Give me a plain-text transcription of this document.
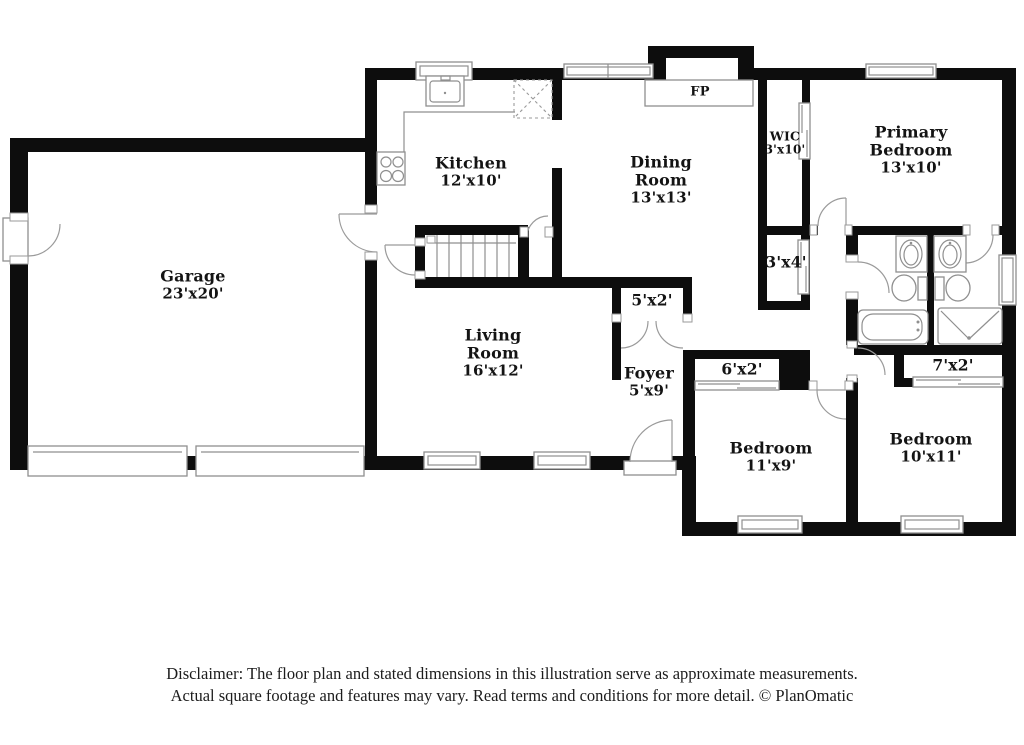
Garage
23'x20'
Kitchen
12'x10'
Dining Room
13'x13'
Primary Bedroom
13'x10'
WIC
3'x10'
Living Room
16'x12'	Foyer
5'x9'
Bedroom
11'x9'
Bedroom
10'x11'
5'x2'
3'x4'
6'x2'	7'x2'
FP
Disclaimer: The floor plan and stated dimensions in this illustration serve as approximate measurements.
Actual square footage and features may vary. Read terms and conditions for more detail. © PlanOmatic
